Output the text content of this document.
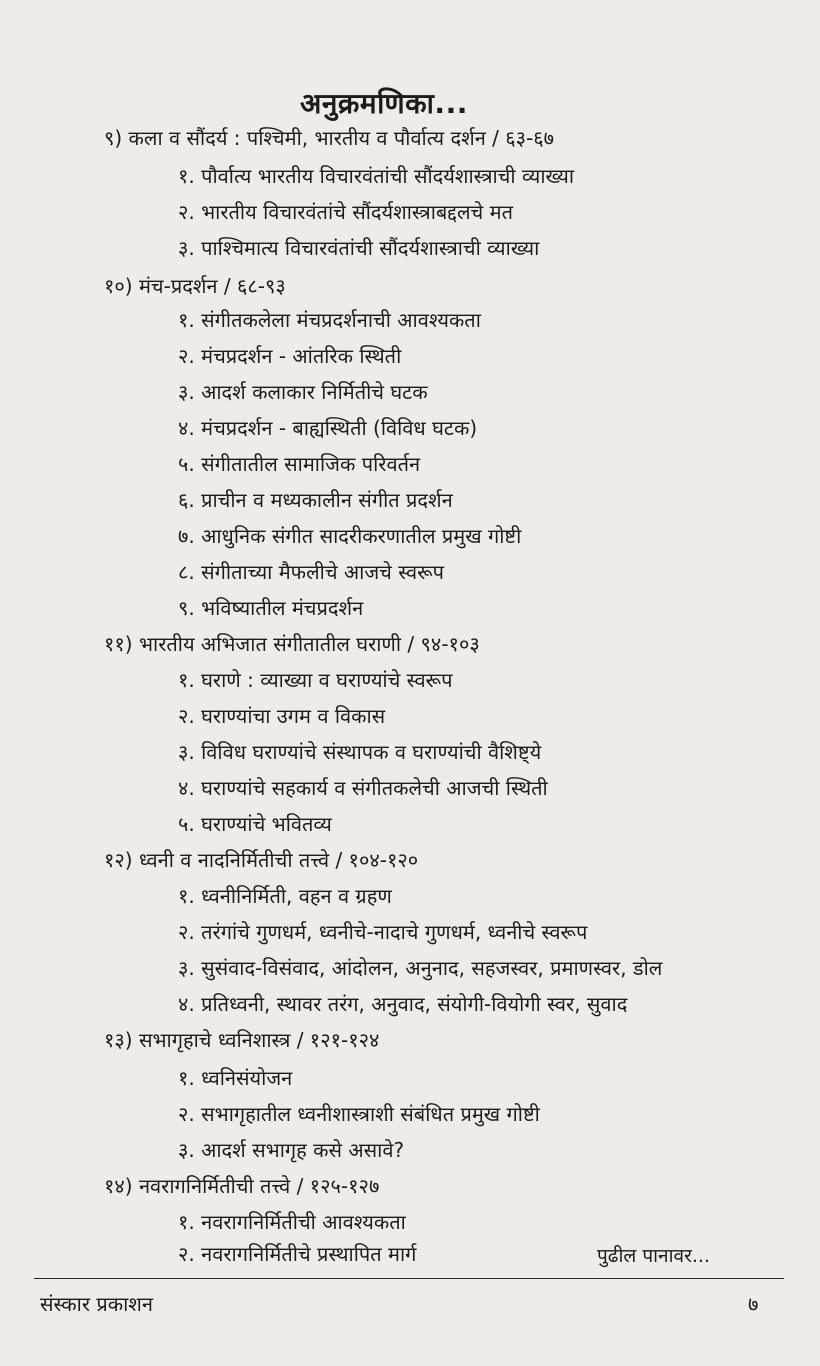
अनुक्रमणिका...
९) कला व सौंदर्य : पश्चिमी, भारतीय व पौर्वात्य दर्शन / ६३-६७
१. पौर्वात्य भारतीय विचारवंतांची सौंदर्यशास्त्राची व्याख्या
२. भारतीय विचारवंतांचे सौंदर्यशास्त्राबद्दलचे मत
३. पाश्चिमात्य विचारवंतांची सौंदर्यशास्त्राची व्याख्या
१०) मंच-प्रदर्शन / ६८-९३
१. संगीतकलेला मंचप्रदर्शनाची आवश्यकता
२. मंचप्रदर्शन - आंतरिक स्थिती
३. आदर्श कलाकार निर्मितीचे घटक
४. मंचप्रदर्शन - बाह्यस्थिती (विविध घटक)
५. संगीतातील सामाजिक परिवर्तन
६. प्राचीन व मध्यकालीन संगीत प्रदर्शन
७. आधुनिक संगीत सादरीकरणातील प्रमुख गोष्टी
८. संगीताच्या मैफलीचे आजचे स्वरूप
९. भविष्यातील मंचप्रदर्शन
११) भारतीय अभिजात संगीतातील घराणी / ९४-१०३
१. घराणे : व्याख्या व घराण्यांचे स्वरूप
२. घराण्यांचा उगम व विकास
३. विविध घराण्यांचे संस्थापक व घराण्यांची वैशिष्ट्ये
४. घराण्यांचे सहकार्य व संगीतकलेची आजची स्थिती
५. घराण्यांचे भवितव्य
१२) ध्वनी व नादनिर्मितीची तत्त्वे / १०४-१२०
१. ध्वनीनिर्मिती, वहन व ग्रहण
२. तरंगांचे गुणधर्म, ध्वनीचे-नादाचे गुणधर्म, ध्वनीचे स्वरूप
३. सुसंवाद-विसंवाद, आंदोलन, अनुनाद, सहजस्वर, प्रमाणस्वर, डोल
४. प्रतिध्वनी, स्थावर तरंग, अनुवाद, संयोगी-वियोगी स्वर, सुवाद
१३) सभागृहाचे ध्वनिशास्त्र / १२१-१२४
१. ध्वनिसंयोजन
२. सभागृहातील ध्वनीशास्त्राशी संबंधित प्रमुख गोष्टी
३. आदर्श सभागृह कसे असावे?
१४) नवरागनिर्मितीची तत्त्वे / १२५-१२७
१. नवरागनिर्मितीची आवश्यकता
२. नवरागनिर्मितीचे प्रस्थापित मार्ग	पुढील पानावर...
संस्कार प्रकाशन	७
